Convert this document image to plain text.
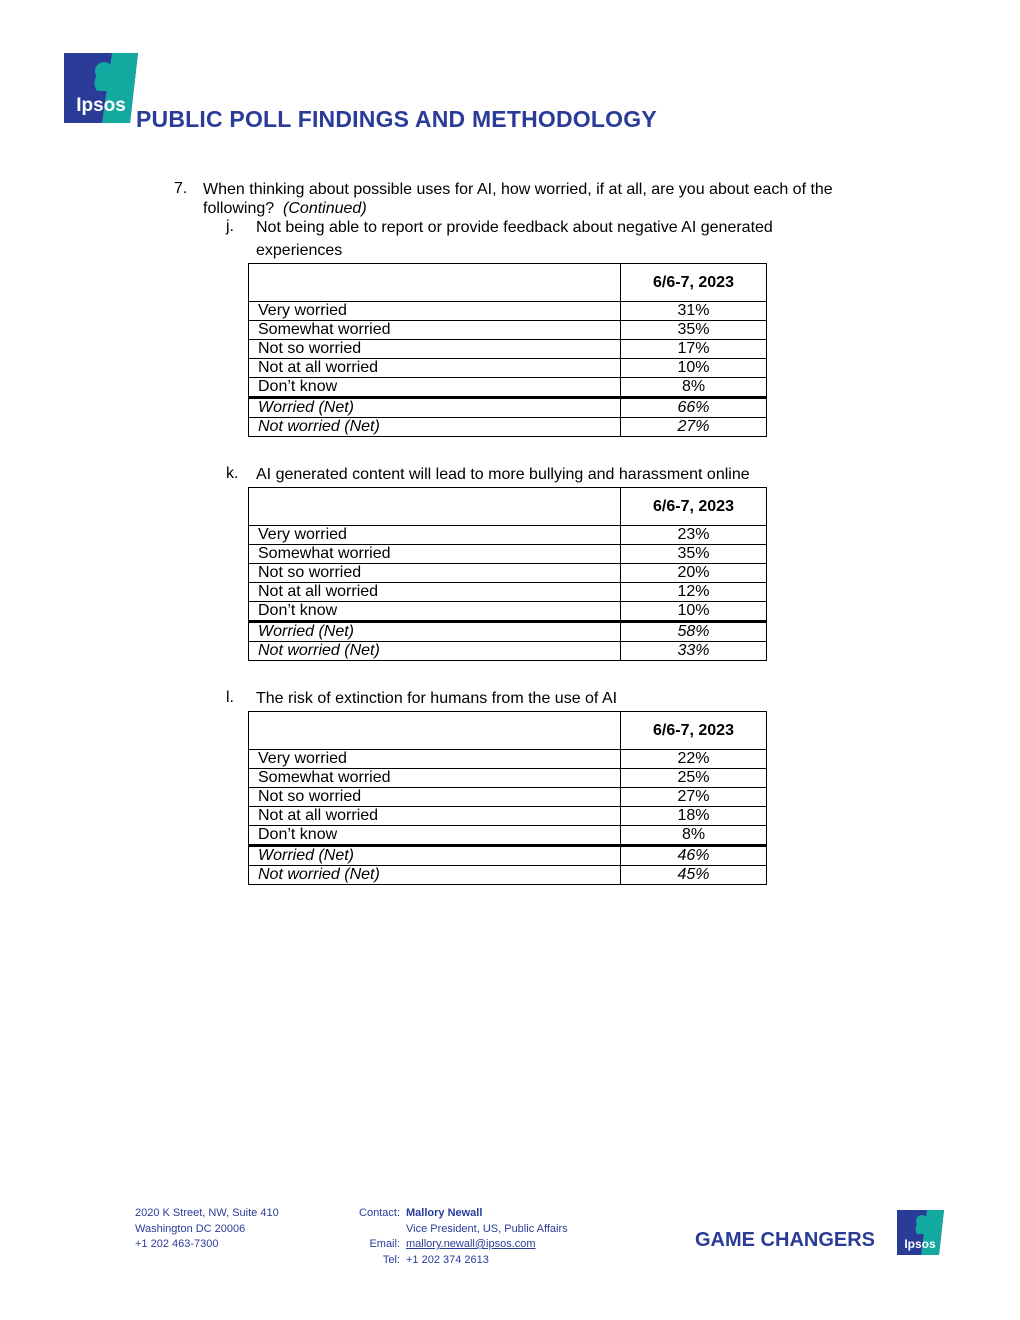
Ipsos
PUBLIC POLL FINDINGS AND METHODOLOGY
7. When thinking about possible uses for AI, how worried, if at all, are you about each of the following? (Continued)
j. Not being able to report or provide feedback about negative AI generated experiences
	6/6-7, 2023
Very worried	31%
Somewhat worried	35%
Not so worried	17%
Not at all worried	10%
Don’t know	8%
Worried (Net)	66%
Not worried (Net)	27%
k. AI generated content will lead to more bullying and harassment online
	6/6-7, 2023
Very worried	23%
Somewhat worried	35%
Not so worried	20%
Not at all worried	12%
Don’t know	10%
Worried (Net)	58%
Not worried (Net)	33%
l. The risk of extinction for humans from the use of AI
	6/6-7, 2023
Very worried	22%
Somewhat worried	25%
Not so worried	27%
Not at all worried	18%
Don’t know	8%
Worried (Net)	46%
Not worried (Net)	45%
2020 K Street, NW, Suite 410
Washington DC 20006
+1 202 463-7300
Contact:

Email:
Tel:
Mallory Newall
Vice President, US, Public Affairs
mallory.newall@ipsos.com
+1 202 374 2613
GAME CHANGERS Ipsos
